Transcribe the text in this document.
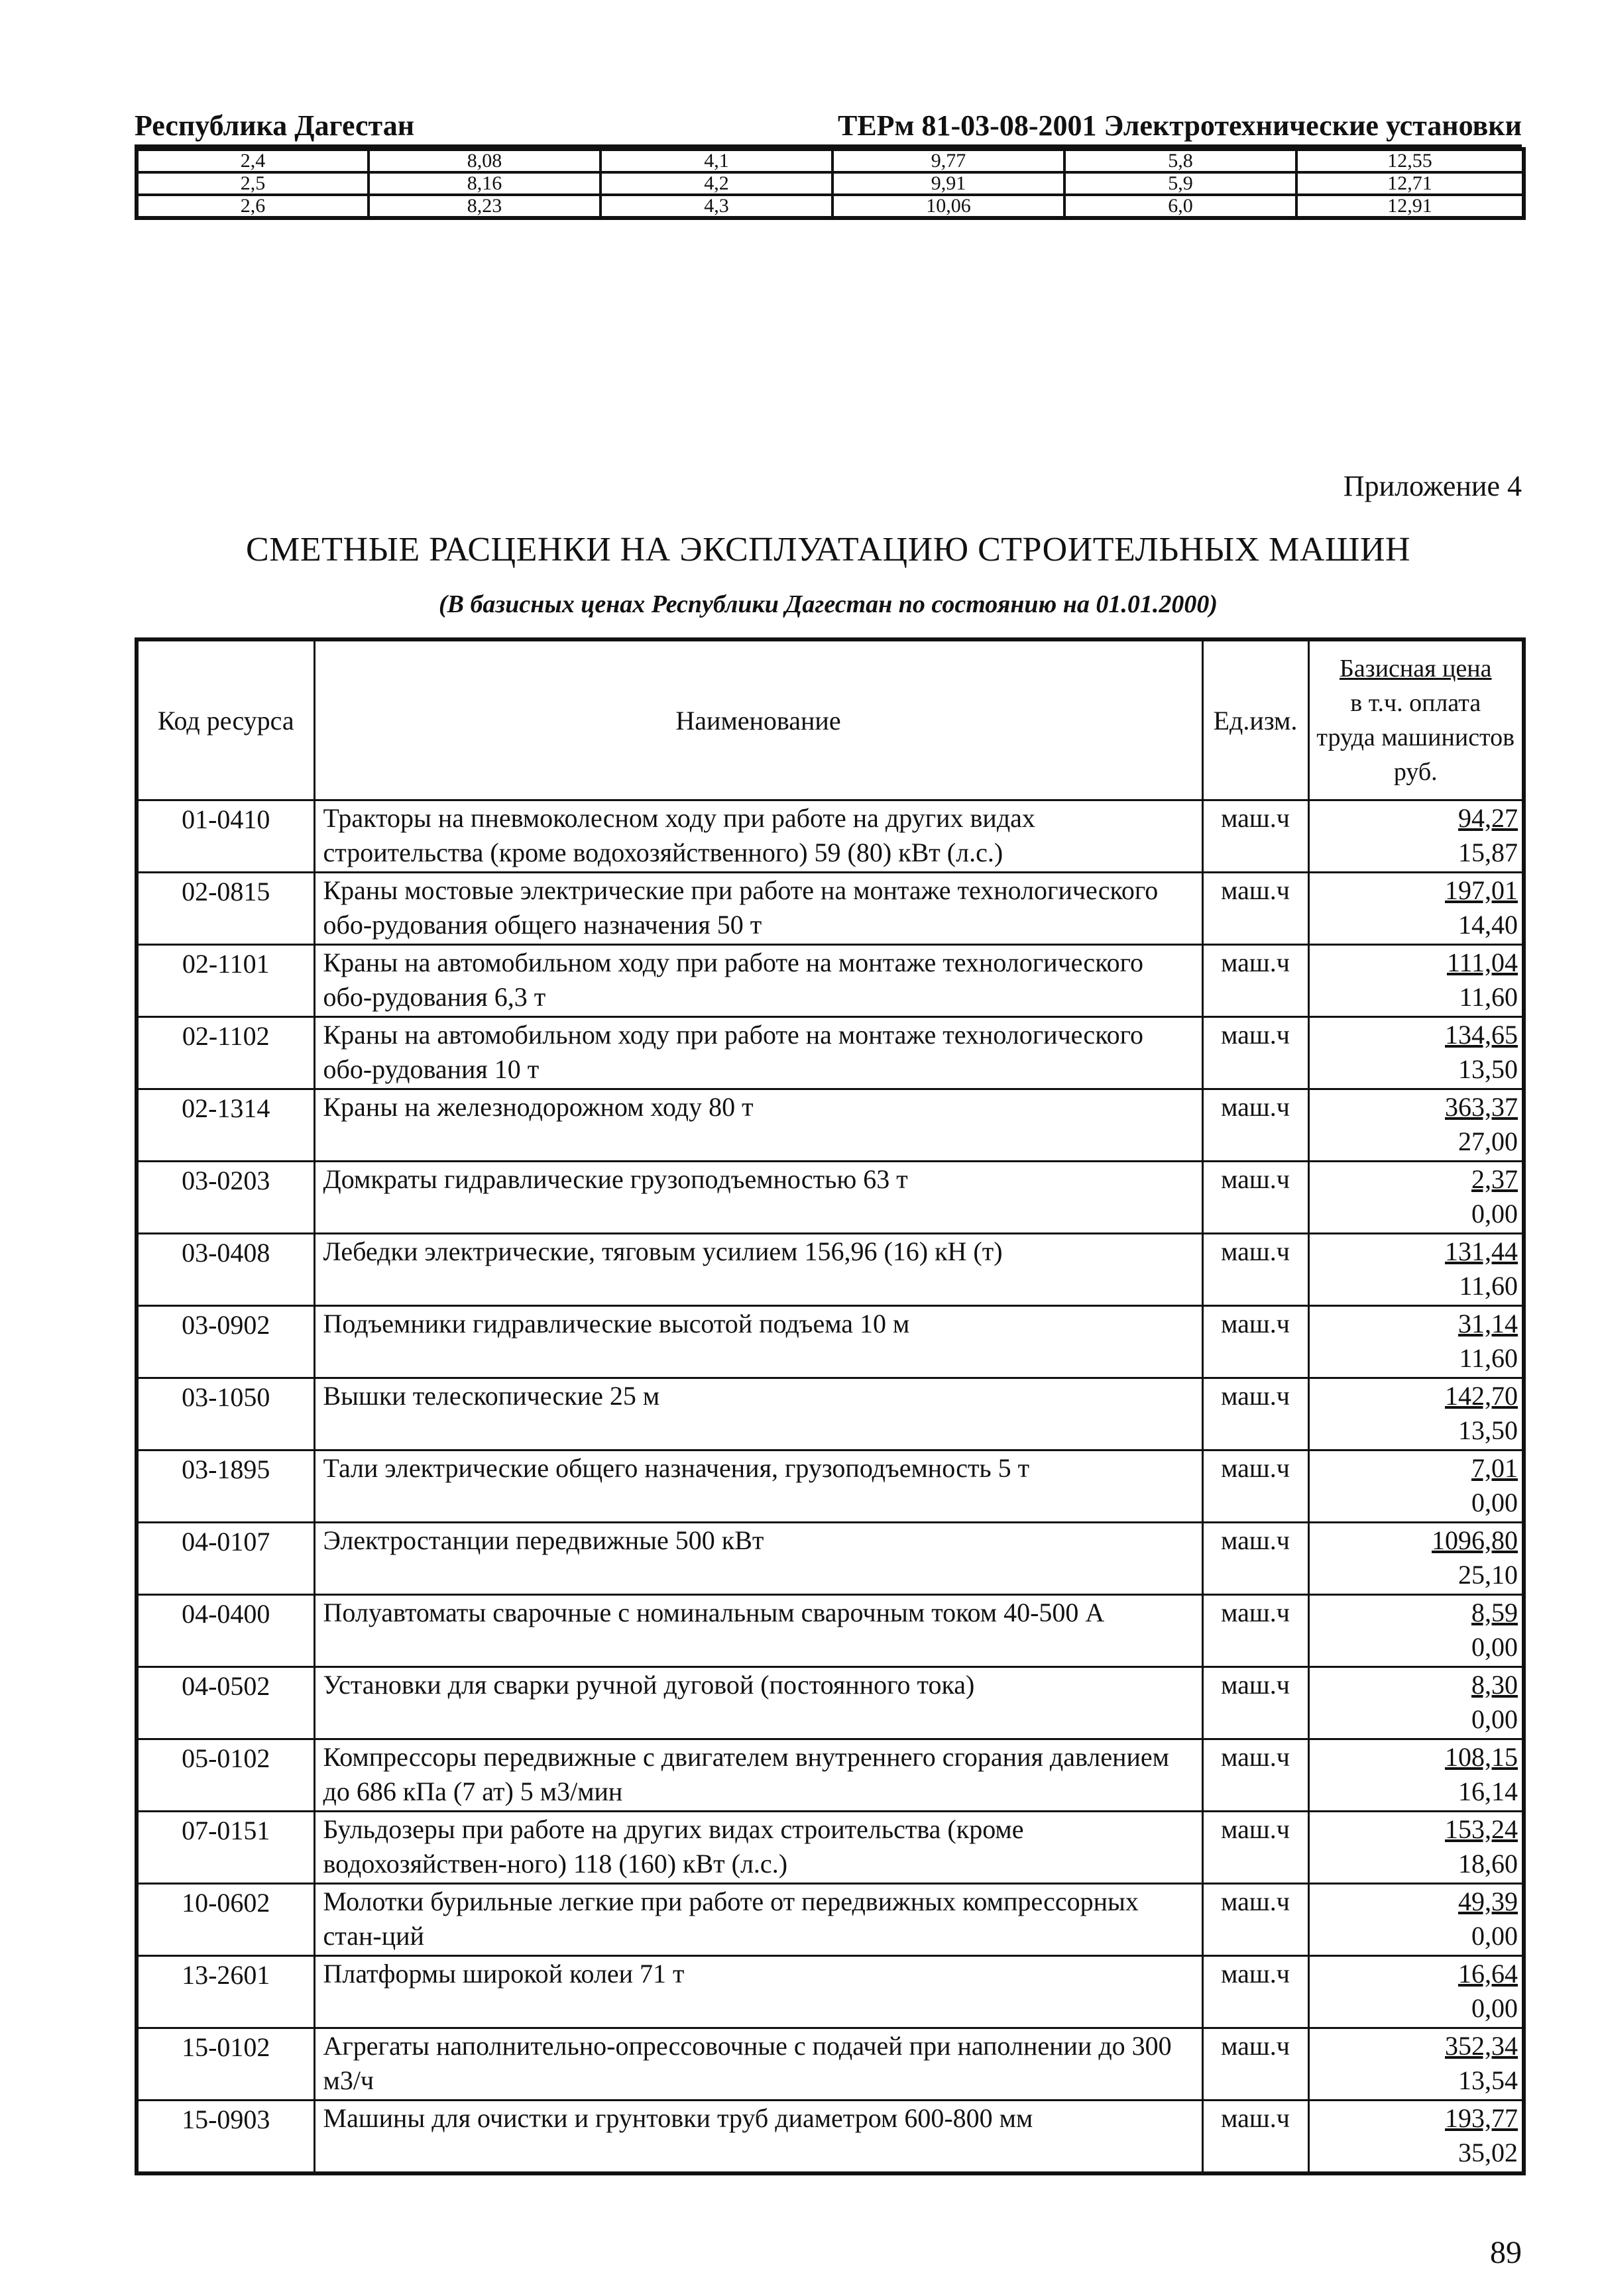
Республика Дагестан	ТЕРм 81-03-08-2001 Электротехнические установки
2,4	8,08	4,1	9,77	5,8	12,55
2,5	8,16	4,2	9,91	5,9	12,71
2,6	8,23	4,3	10,06	6,0	12,91
Приложение 4
СМЕТНЫЕ РАСЦЕНКИ НА ЭКСПЛУАТАЦИЮ СТРОИТЕЛЬНЫХ МАШИН
(В базисных ценах Республики Дагестан по состоянию на 01.01.2000)
Код ресурса	Наименование	Ед.изм.	Базисная цена
в т.ч. оплата
труда машинистов
руб.

01-0410	Тракторы на пневмоколесном ходу при работе на других видах строительства (кроме водохозяйственного) 59 (80) кВт (л.с.)	маш.ч	94,27
15,87

02-0815	Краны мостовые электрические при работе на монтаже технологического обо-рудования общего назначения 50 т	маш.ч	197,01
14,40

02-1101	Краны на автомобильном ходу при работе на монтаже технологического обо-рудования 6,3 т	маш.ч	111,04
11,60

02-1102	Краны на автомобильном ходу при работе на монтаже технологического обо-рудования 10 т	маш.ч	134,65
13,50

02-1314	Краны на железнодорожном ходу 80 т	маш.ч	363,37
27,00

03-0203	Домкраты гидравлические грузоподъемностью 63 т	маш.ч	2,37
0,00

03-0408	Лебедки электрические, тяговым усилием 156,96 (16) кН (т)	маш.ч	131,44
11,60

03-0902	Подъемники гидравлические высотой подъема 10 м	маш.ч	31,14
11,60

03-1050	Вышки телескопические 25 м	маш.ч	142,70
13,50

03-1895	Тали электрические общего назначения, грузоподъемность 5 т	маш.ч	7,01
0,00

04-0107	Электростанции передвижные 500 кВт	маш.ч	1096,80
25,10

04-0400	Полуавтоматы сварочные с номинальным сварочным током 40-500 А	маш.ч	8,59
0,00

04-0502	Установки для сварки ручной дуговой (постоянного тока)	маш.ч	8,30
0,00

05-0102	Компрессоры передвижные с двигателем внутреннего сгорания давлением до 686 кПа (7 ат) 5 м3/мин	маш.ч	108,15
16,14

07-0151	Бульдозеры при работе на других видах строительства (кроме водохозяйствен-ного) 118 (160) кВт (л.с.)	маш.ч	153,24
18,60

10-0602	Молотки бурильные легкие при работе от передвижных компрессорных стан-ций	маш.ч	49,39
0,00

13-2601	Платформы широкой колеи 71 т	маш.ч	16,64
0,00

15-0102	Агрегаты наполнительно-опрессовочные с подачей при наполнении до 300 м3/ч	маш.ч	352,34
13,54

15-0903	Машины для очистки и грунтовки труб диаметром 600-800 мм	маш.ч	193,77
35,02
89
